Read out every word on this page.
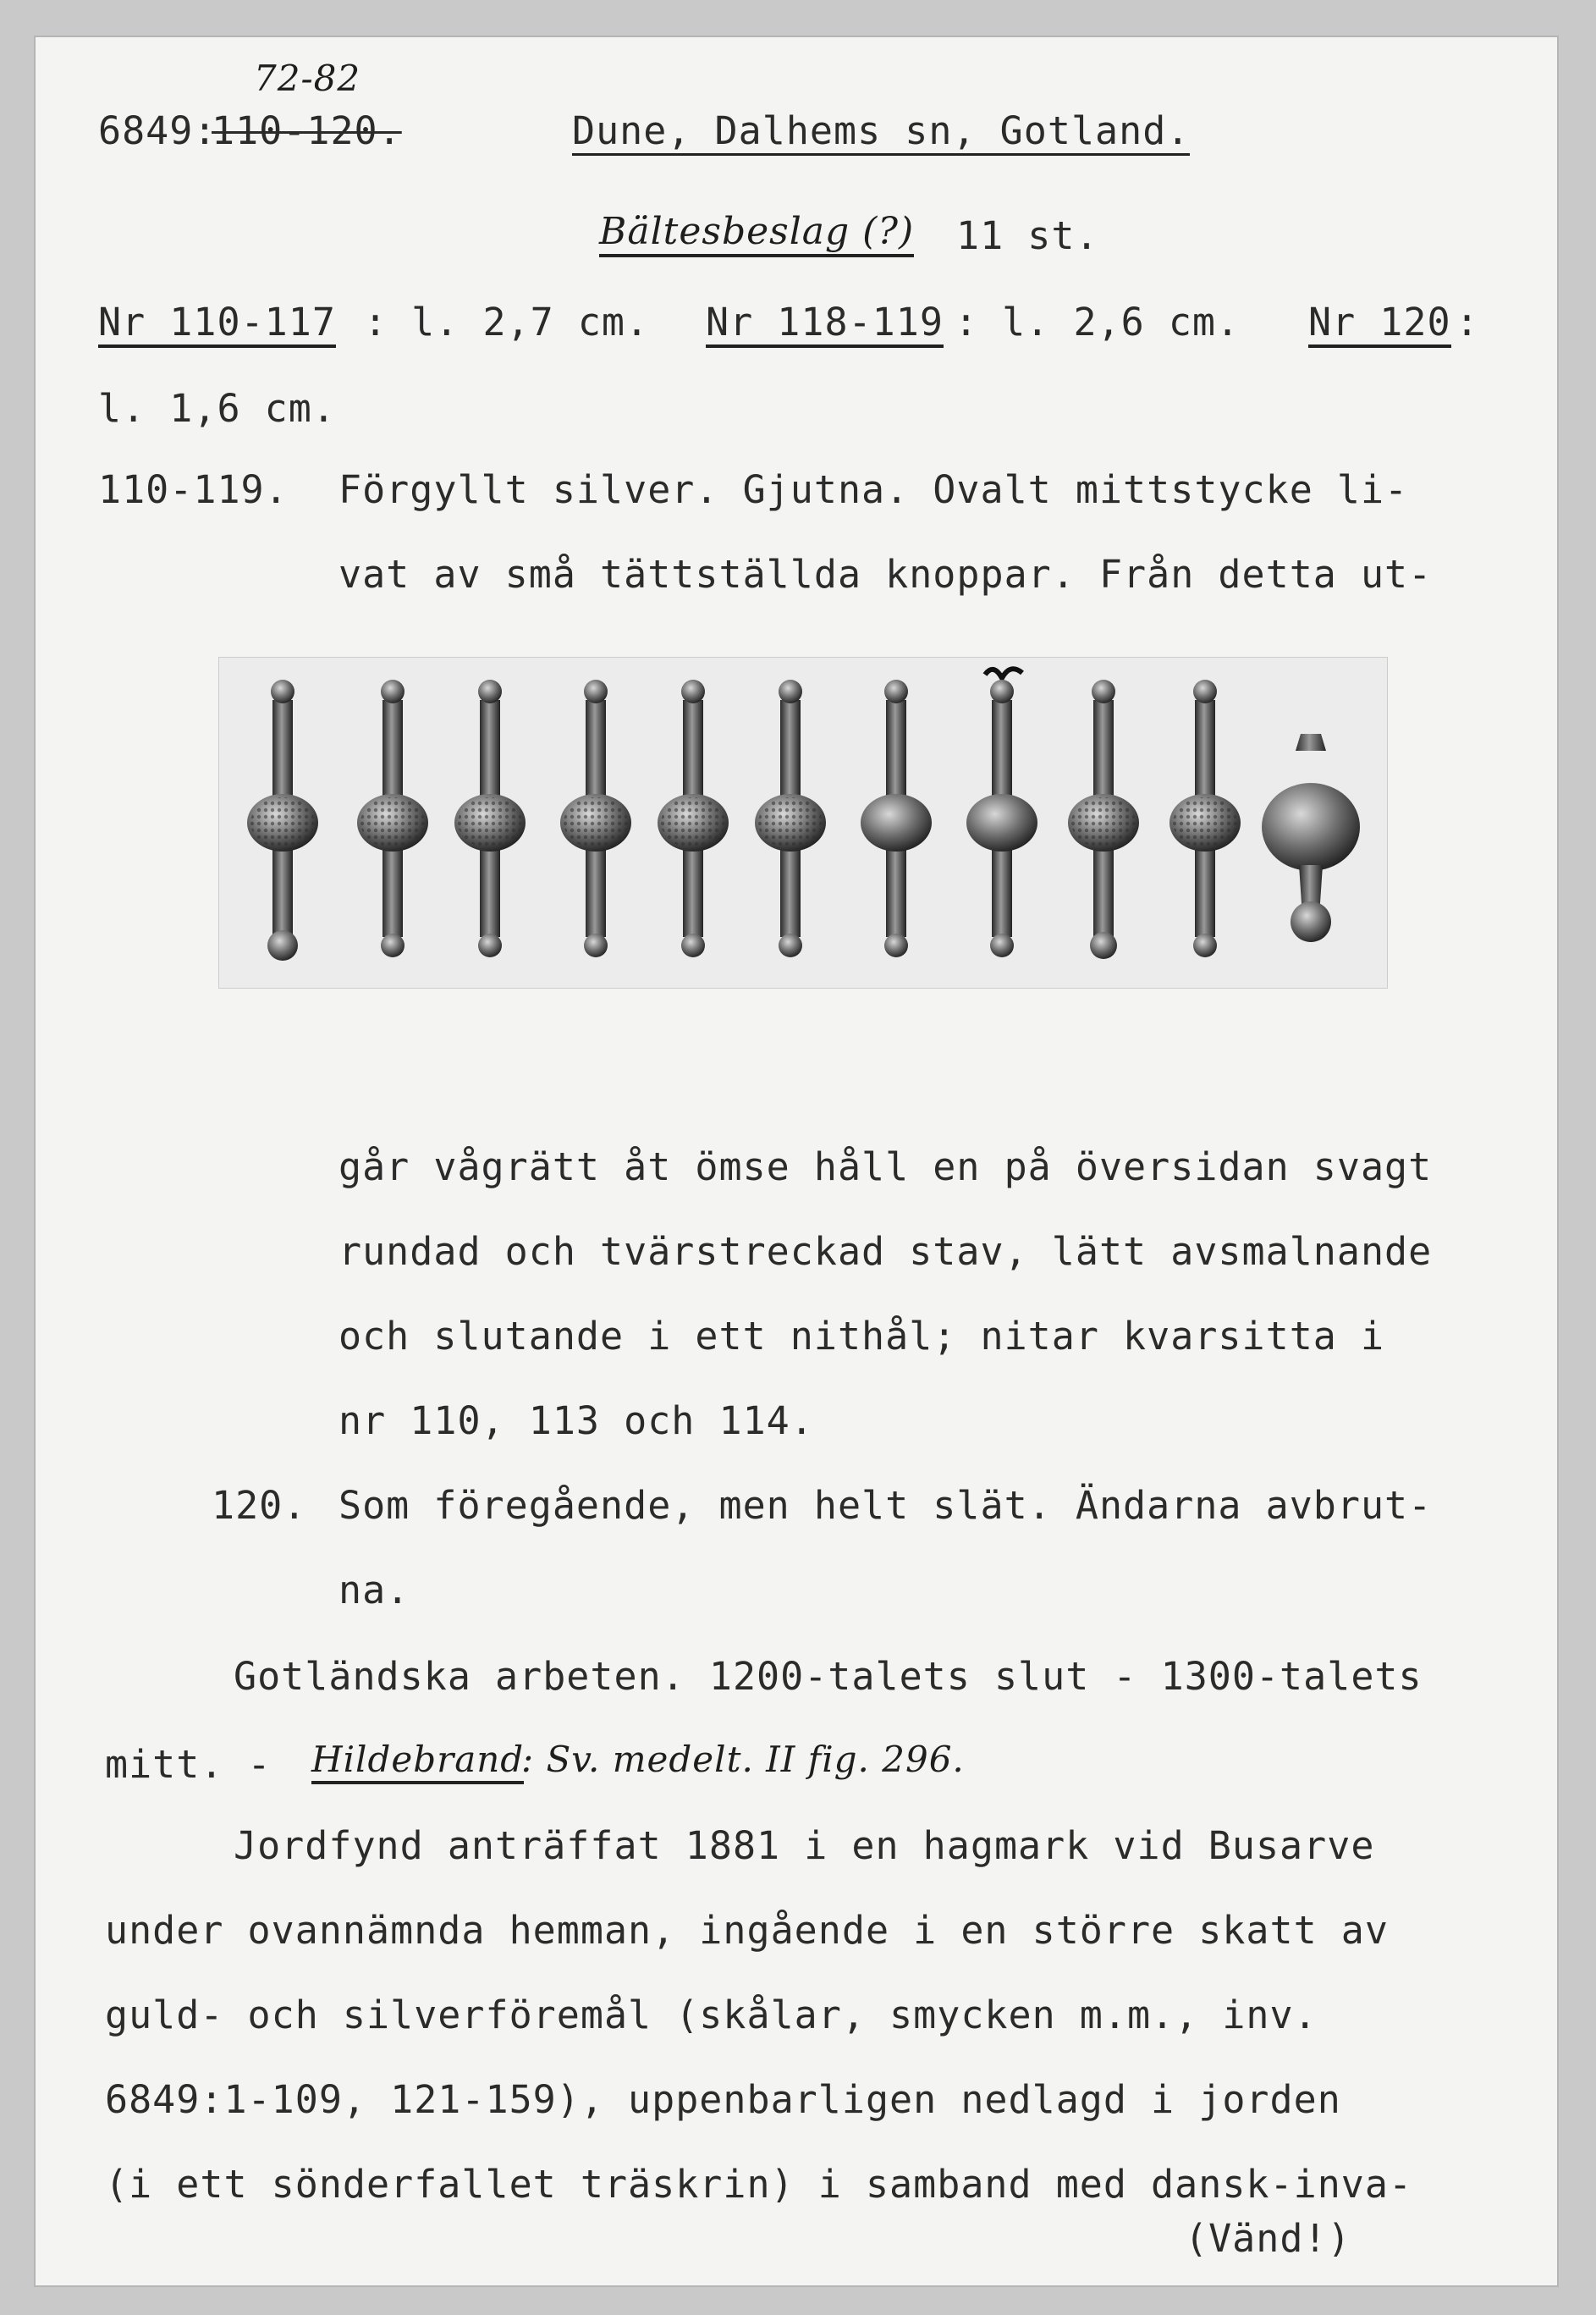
72-82
6849:
110-120.	Dune, Dalhems sn, Gotland.
Bältesbeslag (?) 11 st.
Nr 110-117 : l. 2,7 cm. Nr 118-119 : l. 2,6 cm. Nr 120 :
l. 1,6 cm.
110-119. Förgyllt silver. Gjutna. Ovalt mittstycke li-
vat av små tättställda knoppar. Från detta ut-
går vågrätt åt ömse håll en på översidan svagt
rundad och tvärstreckad stav, lätt avsmalnande
och slutande i ett nithål; nitar kvarsitta i
nr 110, 113 och 114.
120. Som föregående, men helt slät. Ändarna avbrut-
na.
Gotländska arbeten. 1200-talets slut - 1300-talets
mitt. - Hildebrand
: Sv. medelt. II fig. 296.
Jordfynd anträffat 1881 i en hagmark vid Busarve
under ovannämnda hemman, ingående i en större skatt av
guld- och silverföremål (skålar, smycken m.m., inv.
6849:1-109, 121-159), uppenbarligen nedlagd i jorden
(i ett sönderfallet träskrin) i samband med dansk-inva-
(Vänd!)
